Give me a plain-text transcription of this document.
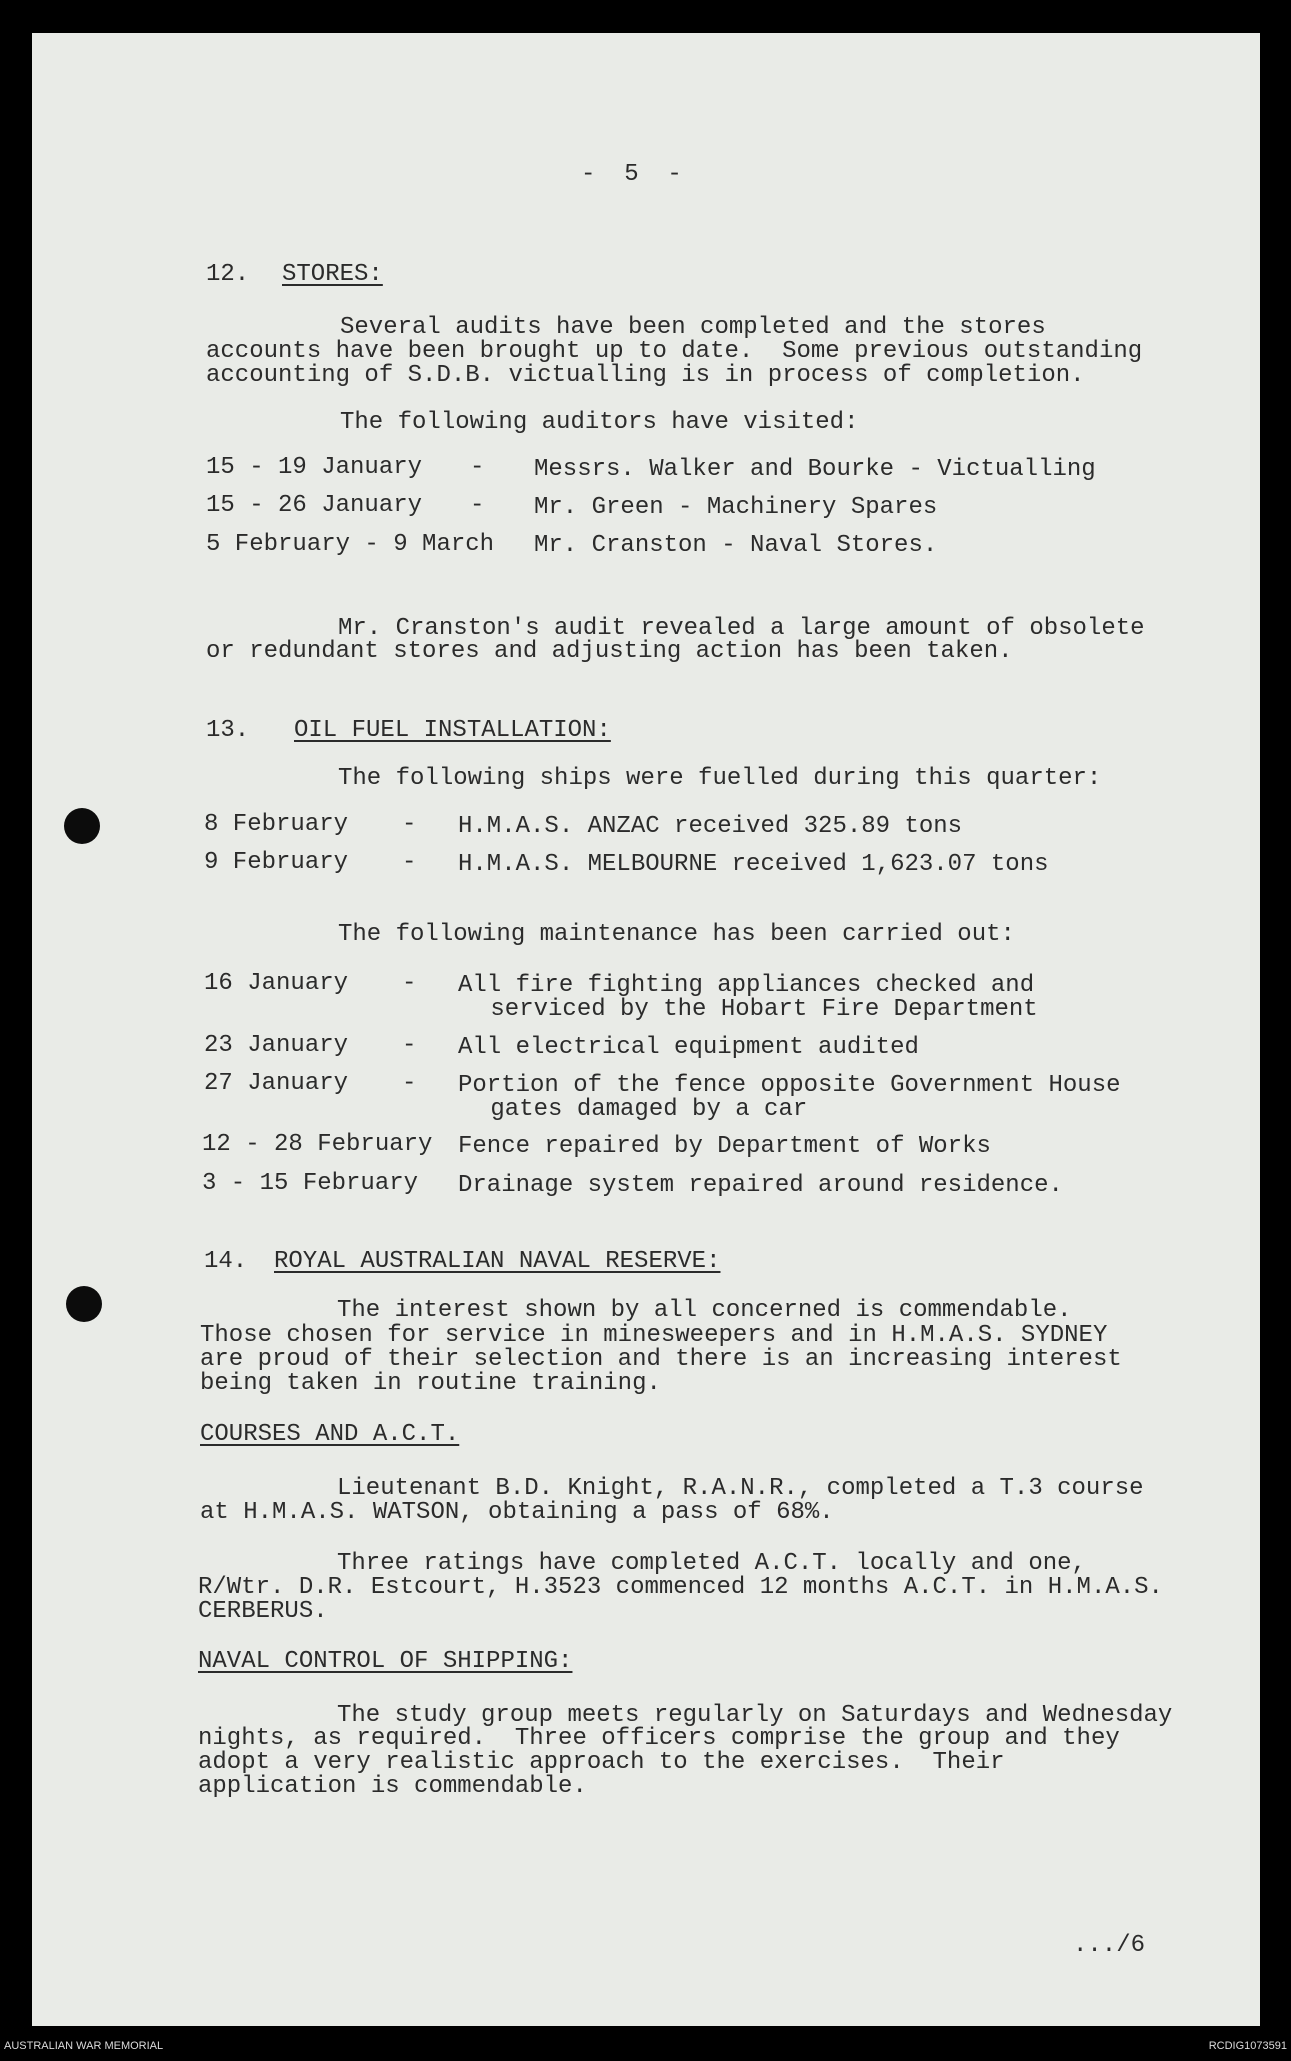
-  5  -
12. STORES:
Several audits have been completed and the stores
accounts have been brought up to date.  Some previous outstanding
accounting of S.D.B. victualling is in process of completion.
The following auditors have visited:
15 - 19 January - Messrs. Walker and Bourke - Victualling
15 - 26 January - Mr. Green - Machinery Spares
5 February - 9 March Mr. Cranston - Naval Stores.
Mr. Cranston's audit revealed a large amount of obsolete
or redundant stores and adjusting action has been taken.
13. OIL FUEL INSTALLATION:
The following ships were fuelled during this quarter:
8 February - H.M.A.S. ANZAC received 325.89 tons
9 February - H.M.A.S. MELBOURNE received 1,623.07 tons
The following maintenance has been carried out:
16 January - All fire fighting appliances checked and
serviced by the Hobart Fire Department
23 January - All electrical equipment audited
27 January - Portion of the fence opposite Government House
gates damaged by a car
12 - 28 February Fence repaired by Department of Works
3 - 15 February Drainage system repaired around residence.
14. ROYAL AUSTRALIAN NAVAL RESERVE:
The interest shown by all concerned is commendable.
Those chosen for service in minesweepers and in H.M.A.S. SYDNEY
are proud of their selection and there is an increasing interest
being taken in routine training.
COURSES AND A.C.T.
Lieutenant B.D. Knight, R.A.N.R., completed a T.3 course
at H.M.A.S. WATSON, obtaining a pass of 68%.
Three ratings have completed A.C.T. locally and one,
R/Wtr. D.R. Estcourt, H.3523 commenced 12 months A.C.T. in H.M.A.S.
CERBERUS.
NAVAL CONTROL OF SHIPPING:
The study group meets regularly on Saturdays and Wednesday
nights, as required.  Three officers comprise the group and they
adopt a very realistic approach to the exercises.  Their
application is commendable.
.../6
AUSTRALIAN WAR MEMORIAL	RCDIG1073591
